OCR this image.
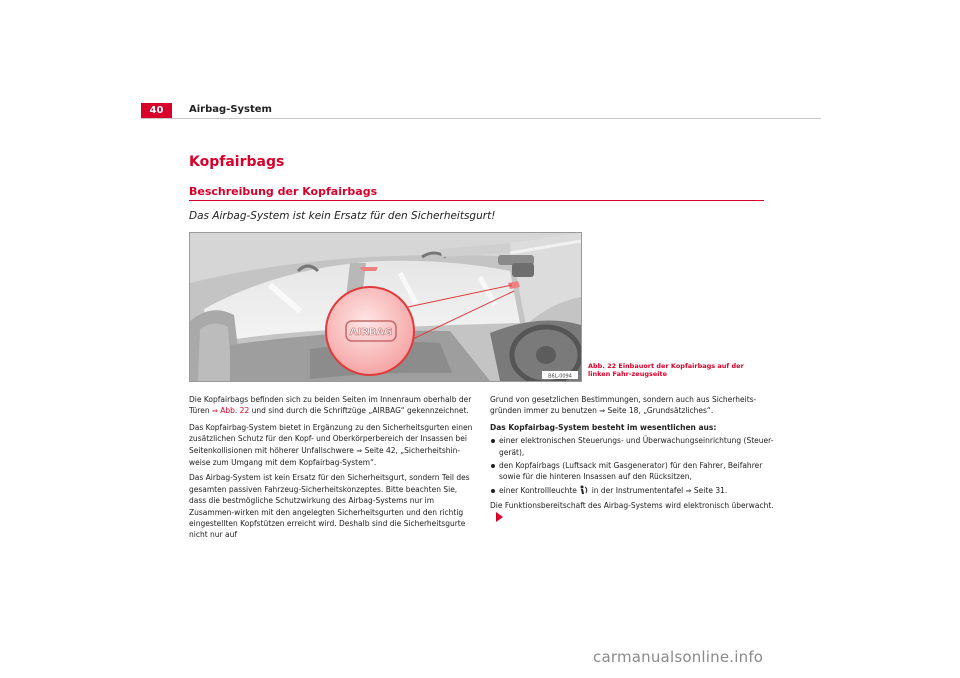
40	Airbag-System
Kopfairbags
Beschreibung der Kopfairbags
Das Airbag-System ist kein Ersatz für den Sicherheitsgurt!
AIRBAG
B6L-0094
Abb. 22 Einbauort der Kopfairbags auf der linken Fahr-zeugseite

Die Kopfairbags befinden sich zu beiden Seiten im Innenraum oberhalb der Türen ⇒ Abb. 22 und sind durch die Schriftzüge „AIRBAG“ gekennzeichnet.

Das Kopfairbag-System bietet in Ergänzung zu den Sicherheitsgurten einen zusätzlichen Schutz für den Kopf- und Oberkörperbereich der Insassen bei Seitenkollisionen mit höherer Unfallschwere ⇒ Seite 42, „Sicherheitshin-weise zum Umgang mit dem Kopfairbag-System“.

Das Airbag-System ist kein Ersatz für den Sicherheitsgurt, sondern Teil des gesamten passiven Fahrzeug-Sicherheitskonzeptes. Bitte beachten Sie, dass die bestmögliche Schutzwirkung des Airbag-Systems nur im Zusammen-wirken mit den angelegten Sicherheitsgurten und den richtig eingestellten Kopfstützen erreicht wird. Deshalb sind die Sicherheitsgurte nicht nur auf

Grund von gesetzlichen Bestimmungen, sondern auch aus Sicherheits-gründen immer zu benutzen ⇒ Seite 18, „Grundsätzliches“.

Das Kopfairbag-System besteht im wesentlichen aus:

einer elektronischen Steuerungs- und Überwachungseinrichtung (Steuer-gerät),
den Kopfairbags (Luftsack mit Gasgenerator) für den Fahrer, Beifahrer sowie für die hinteren Insassen auf den Rücksitzen,
einer Kontrollleuchte  in der Instrumententafel ⇒ Seite 31.

Die Funktionsbereitschaft des Airbag-Systems wird elektronisch überwacht.

carmanualsonline.info
